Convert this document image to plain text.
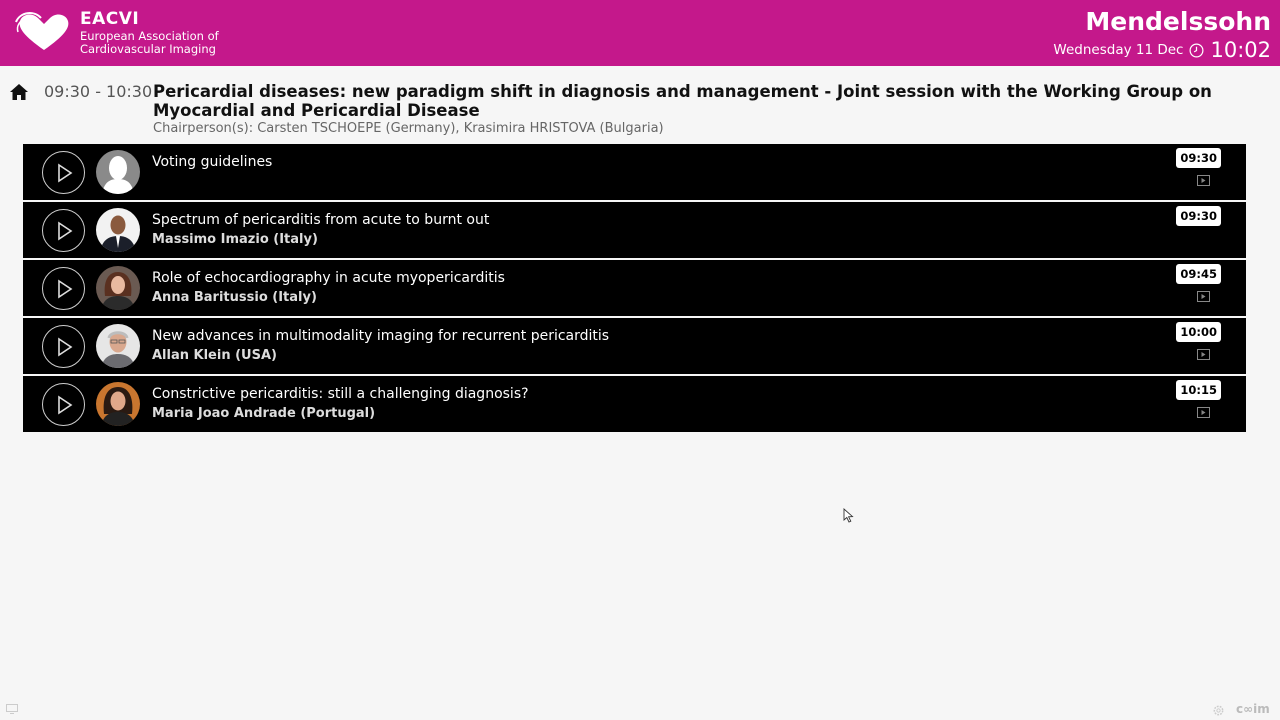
EACVI
European Association of
Cardiovascular Imaging
Mendelssohn
Wednesday 11 Dec 10:02
09:30 - 10:30 Pericardial diseases: new paradigm shift in diagnosis and management - Joint session with the Working Group on Myocardial and Pericardial Disease
Chairperson(s): Carsten TSCHOEPE (Germany), Krasimira HRISTOVA (Bulgaria)
Voting guidelines	09:30
Spectrum of pericarditis from acute to burnt out
Massimo Imazio (Italy)
09:30
Role of echocardiography in acute myopericarditis
Anna Baritussio (Italy)
09:45
New advances in multimodality imaging for recurrent pericarditis
Allan Klein (USA)
10:00
Constrictive pericarditis: still a challenging diagnosis?
Maria Joao Andrade (Portugal)
10:15
c∞im
